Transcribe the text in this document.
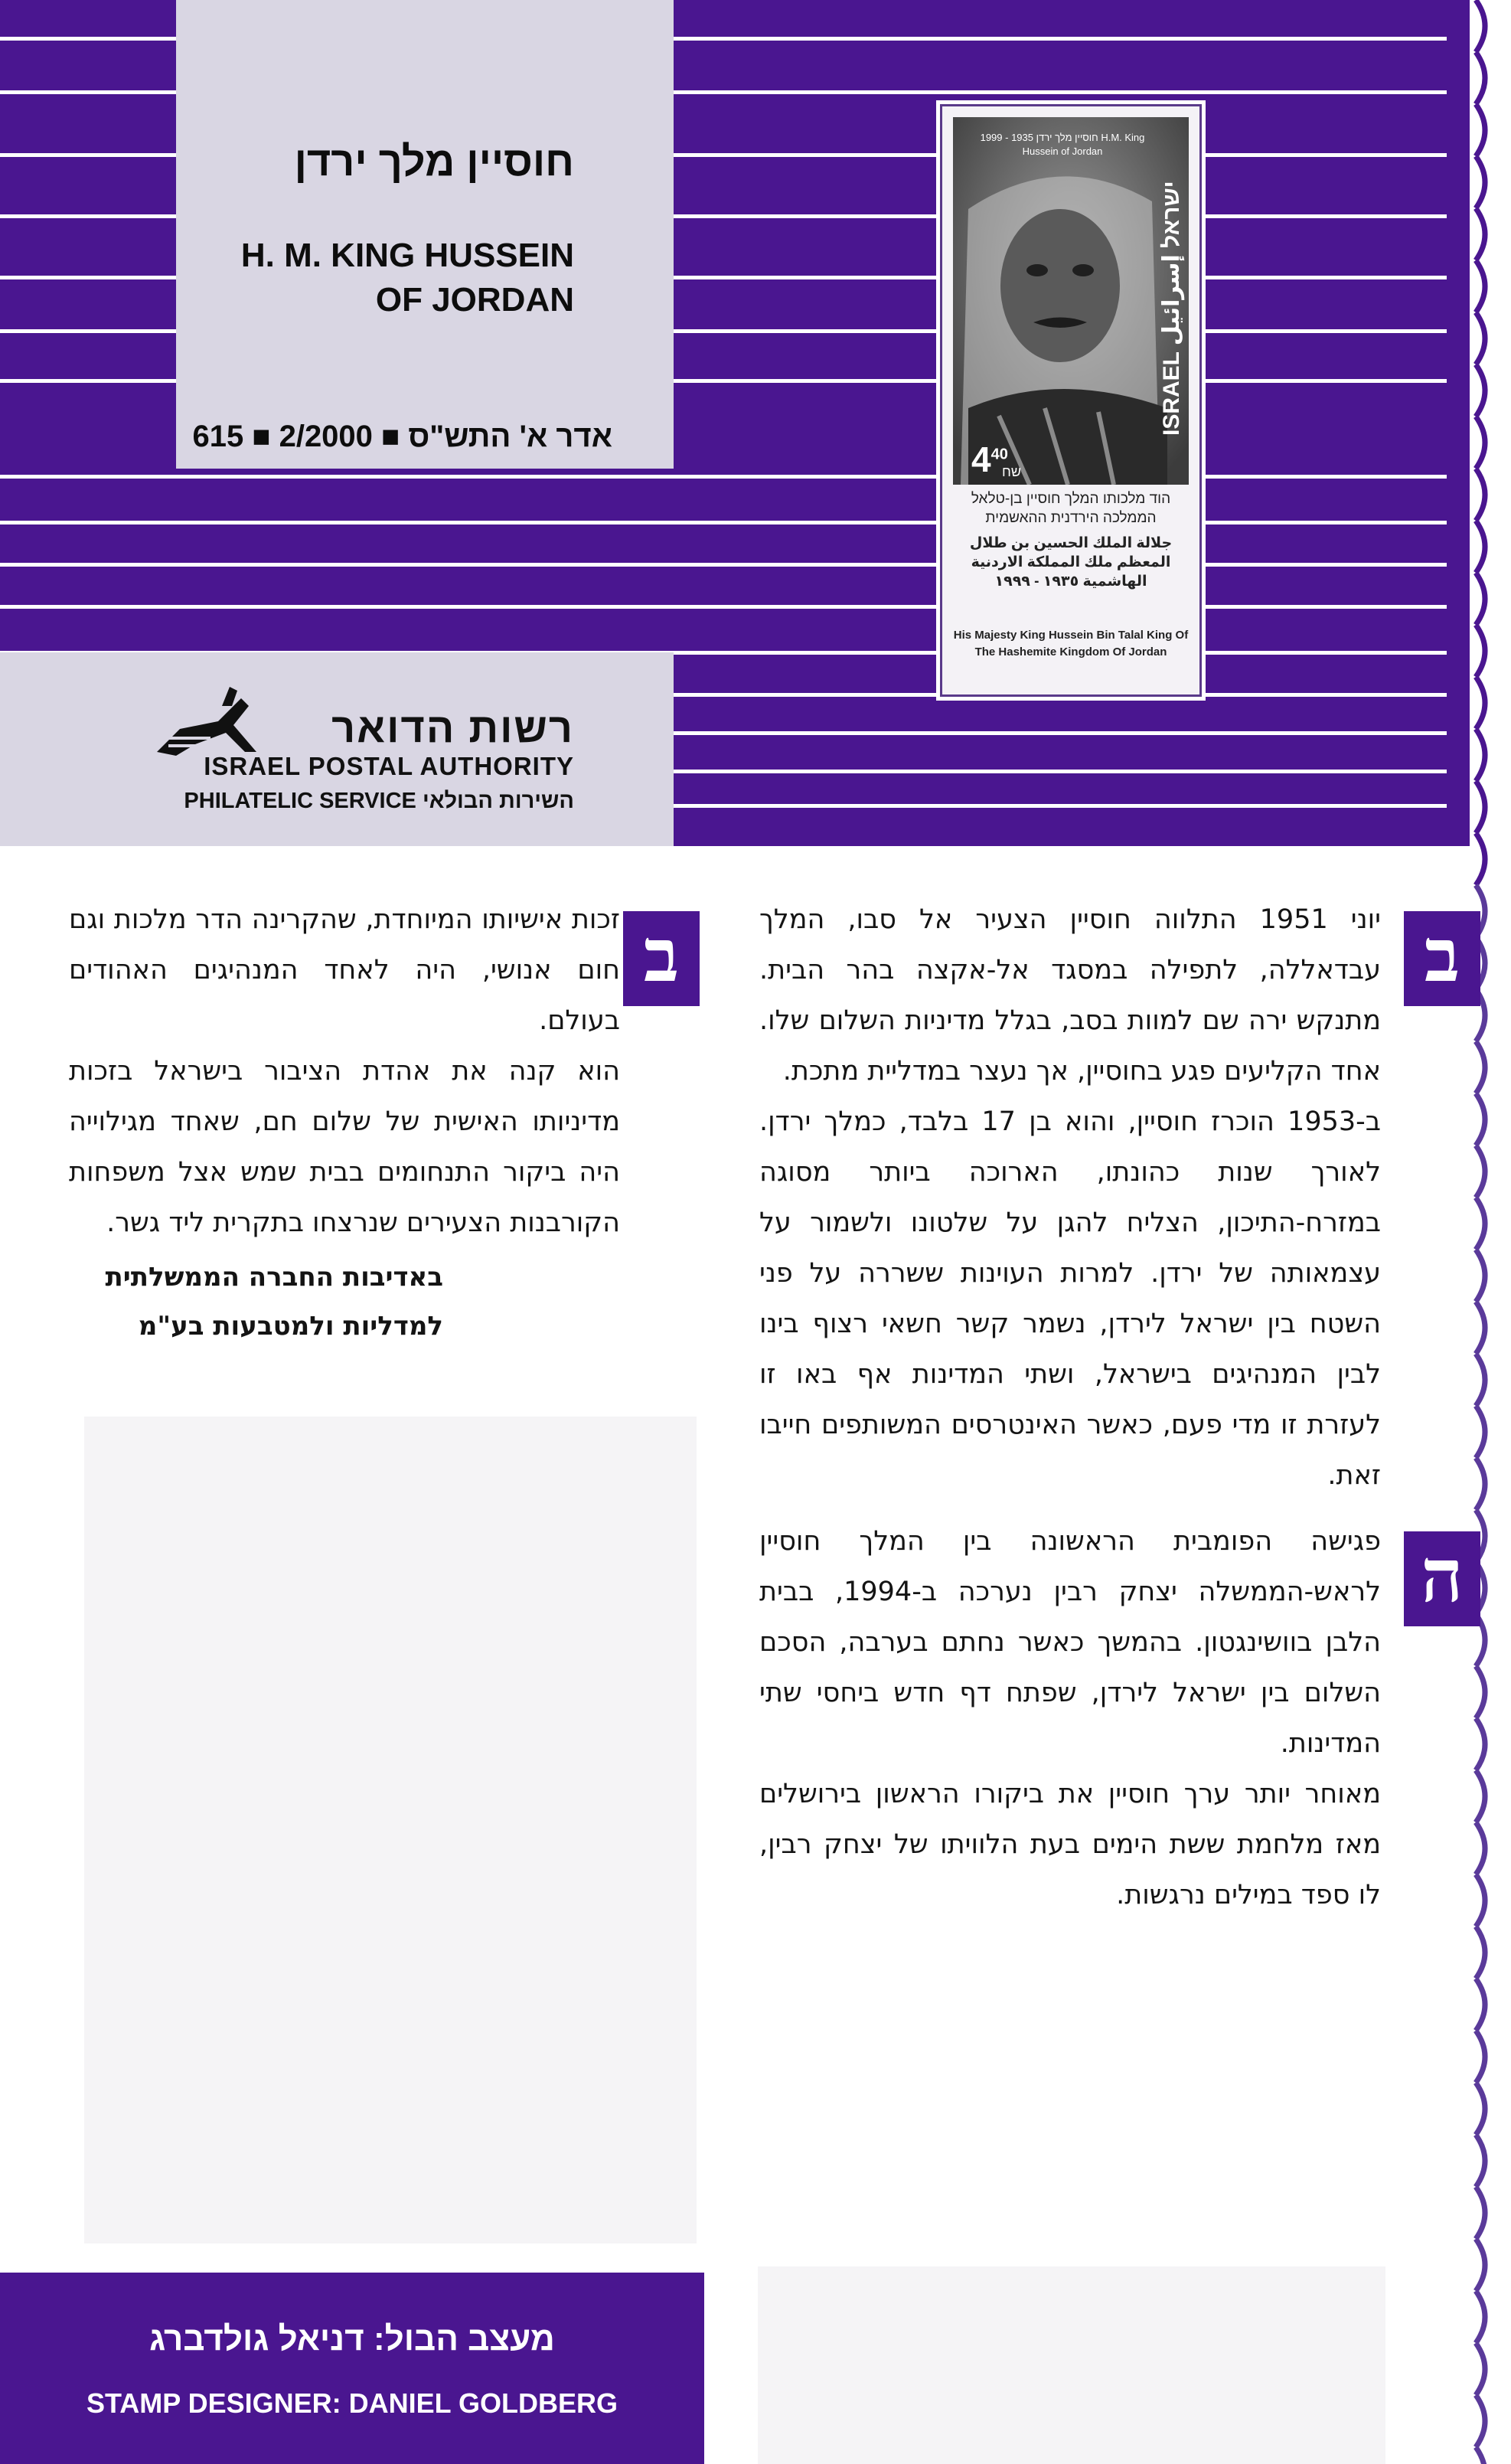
חוסיין מלך ירדן
H. M. KING HUSSEIN
OF JORDAN
615 ■ 2/2000 ■ אדר א' התש"ס
רשות הדואר
ISRAEL POSTAL AUTHORITY
PHILATELIC SERVICE השירות הבולאי
חוסיין מלך ירדן 1935 - 1999 H.M. King Hussein of Jordan
ISRAEL ישראל إسرائيل
$4^{40}$
שח
הוד מלכותו המלך חוסיין בן-טלאל הממלכה הירדנית ההאשמית
جلالة الملك الحسين بن طلال المعظم ملك المملكة الاردنية الهاشمية ١٩٣٥ - ١٩٩٩
His Majesty King Hussein Bin Talal King Of The Hashemite Kingdom Of Jordan
ב

יוני 1951 התלווה חוסיין הצעיר אל סבו, המלך עבדאללה, לתפילה במסגד אל-אקצה בהר הבית. מתנקש ירה שם למוות בסב, בגלל מדיניות השלום שלו. אחד הקליעים פגע בחוסיין, אך נעצר במדליית מתכת.

ב-1953 הוכרז חוסיין, והוא בן 17 בלבד, כמלך ירדן. לאורך שנות כהונתו, הארוכה ביותר מסוגה במזרח-התיכון, הצליח להגן על שלטונו ולשמור על עצמאותה של ירדן. למרות העוינות ששררה על פני השטח בין ישראל לירדן, נשמר קשר חשאי רצוף בינו לבין המנהיגים בישראל, ושתי המדינות אף באו זו לעזרת זו מדי פעם, כאשר האינטרסים המשותפים חייבו זאת.

ה

פגישה הפומבית הראשונה בין המלך חוסיין לראש-הממשלה יצחק רבין נערכה ב-1994, בבית הלבן בוושינגטון. בהמשך כאשר נחתם בערבה, הסכם השלום בין ישראל לירדן, שפתח דף חדש ביחסי שתי המדינות.

מאוחר יותר ערך חוסיין את ביקורו הראשון בירושלים מאז מלחמת ששת הימים בעת הלוויתו של יצחק רבין, לו ספד במילים נרגשות.

ב

זכות אישיותו המיוחדת, שהקרינה הדר מלכות וגם חום אנושי, היה לאחד המנהיגים האהודים בעולם.

הוא קנה את אהדת הציבור בישראל בזכות מדיניותו האישית של שלום חם, שאחד מגילוייה היה ביקור התנחומים בבית שמש אצל משפחות הקורבנות הצעירים שנרצחו בתקרית ליד גשר.

באדיבות החברה הממשלתית
למדליות ולמטבעות בע"מ
מעצב הבול: דניאל גולדברג
STAMP DESIGNER: DANIEL GOLDBERG
